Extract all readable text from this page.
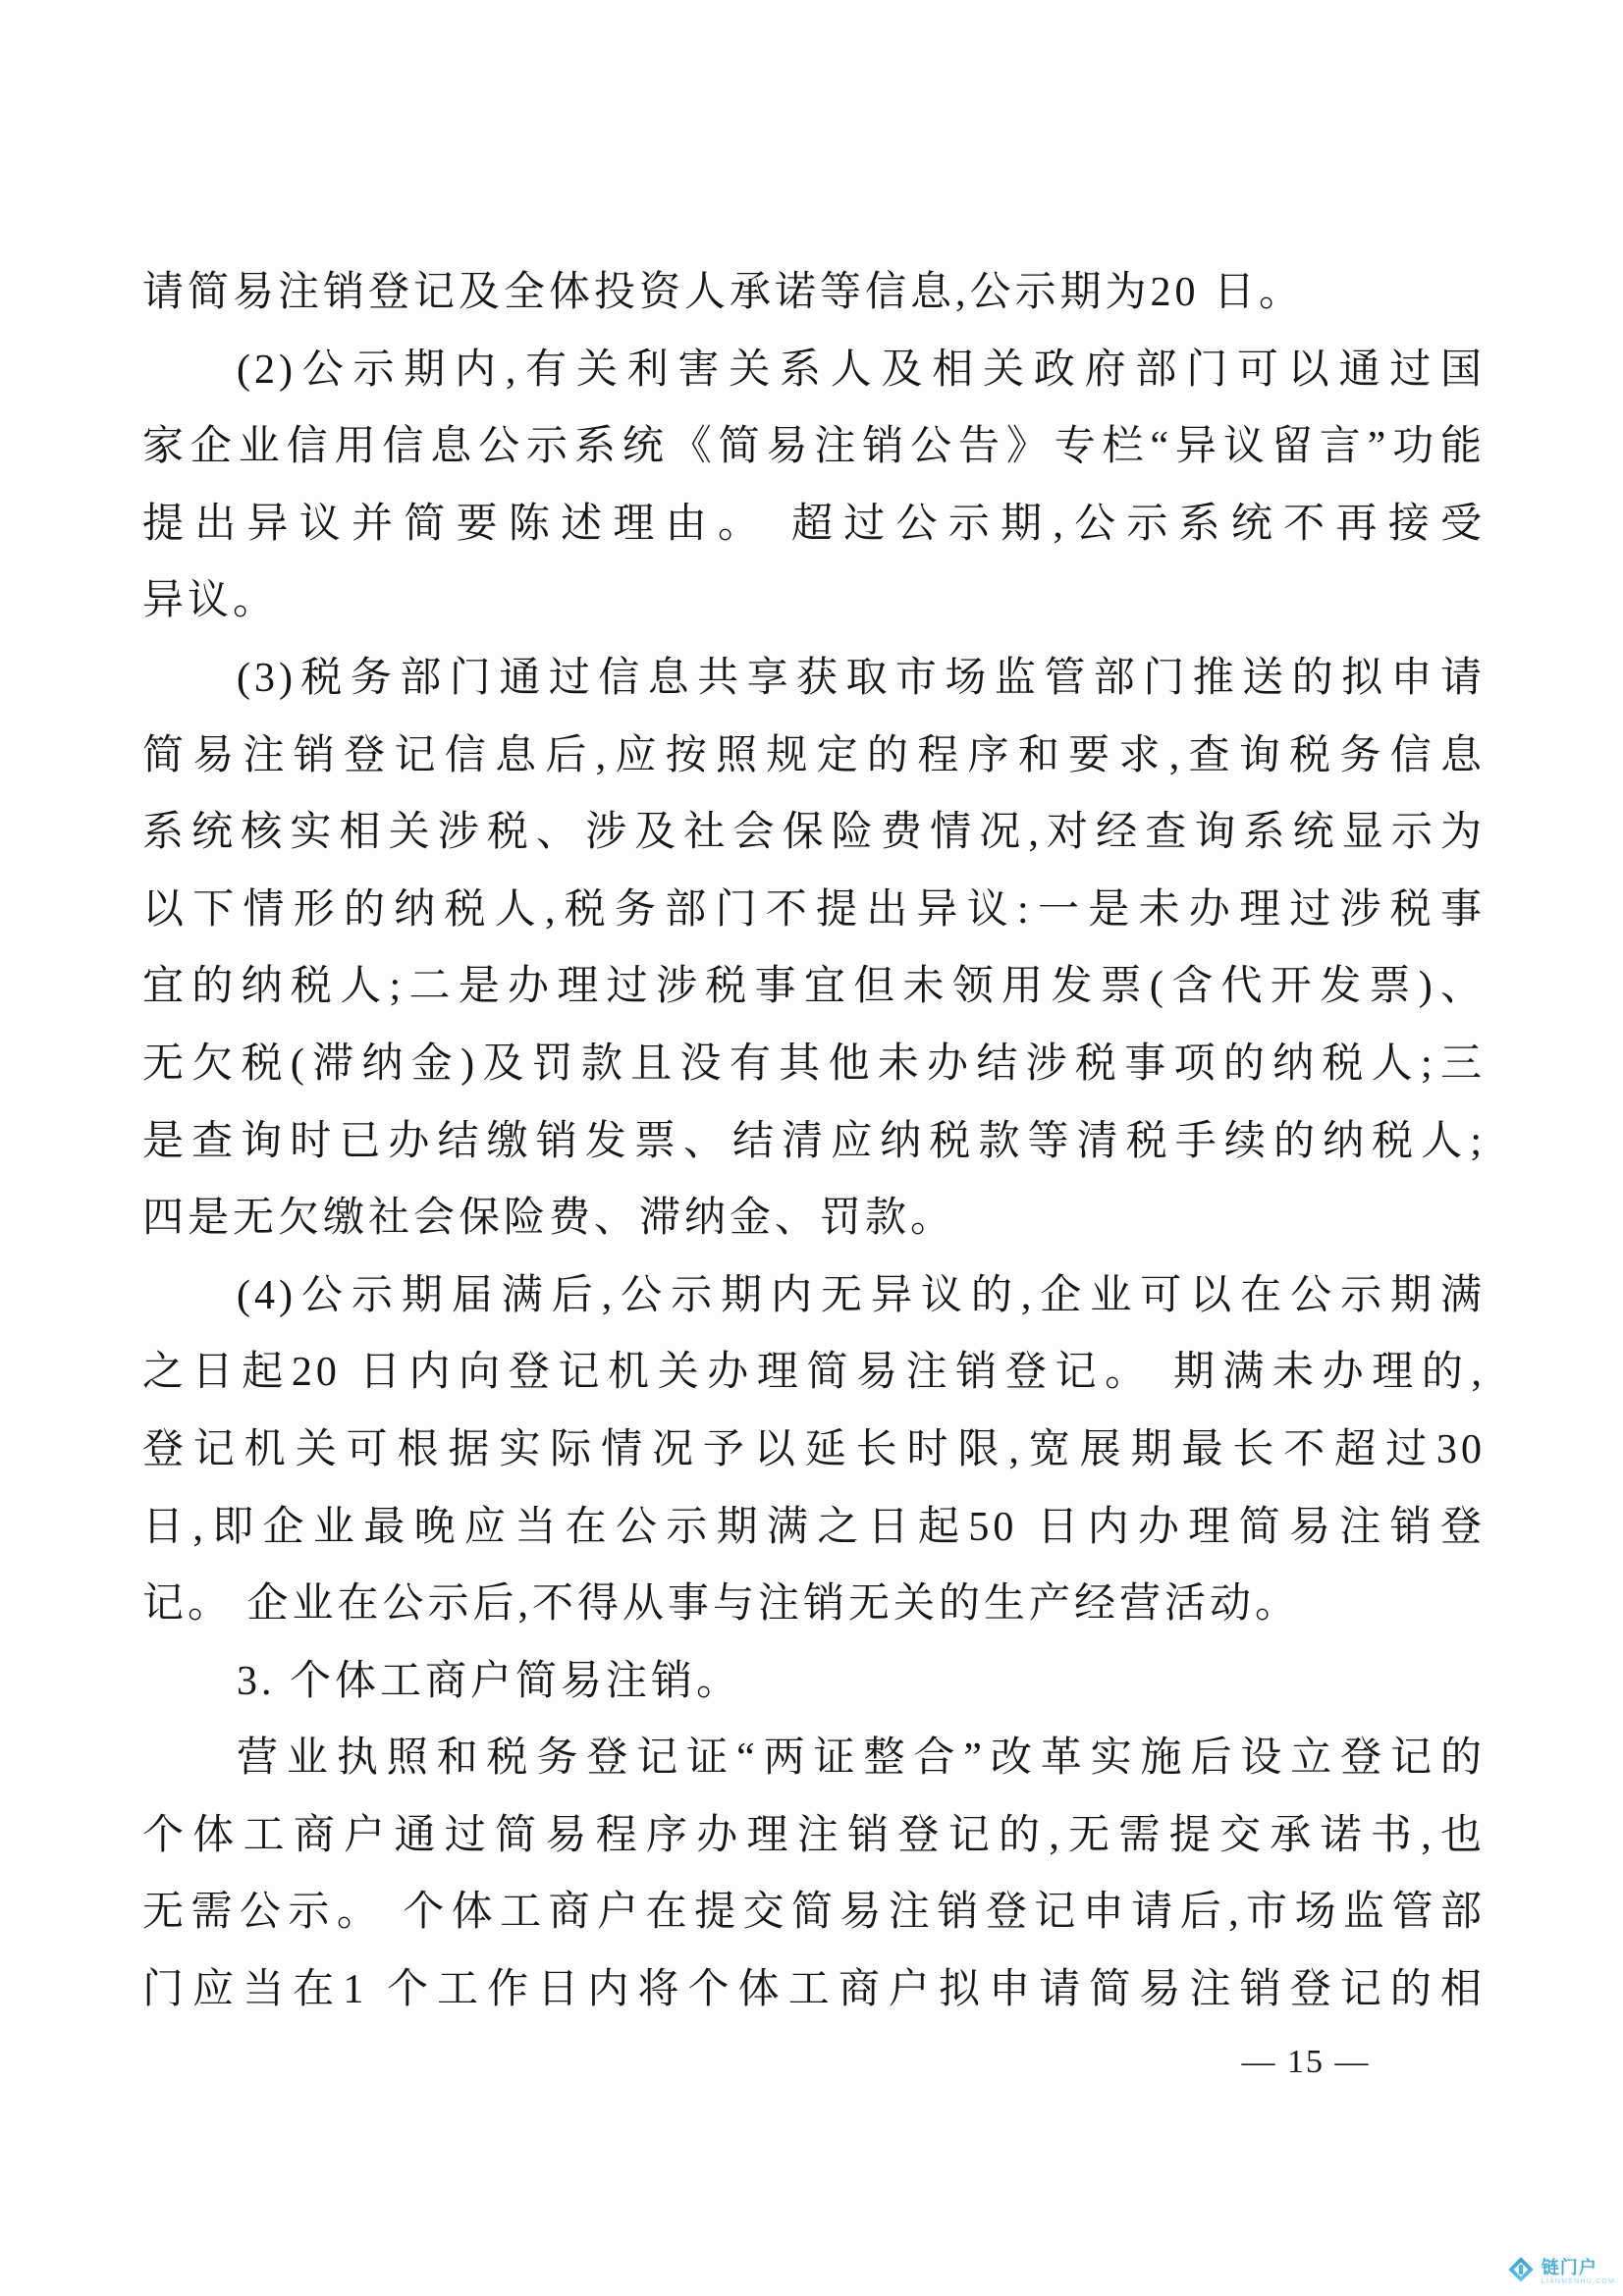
请简易注销登记及全体投资人承诺等信息,公示期为20 日。
(2)公示期内,有关利害关系人及相关政府部门可以通过国
家企业信用信息公示系统《简易注销公告》专栏“异议留言”功能
提出异议并简要陈述理由。 超过公示期,公示系统不再接受
异议。
(3)税务部门通过信息共享获取市场监管部门推送的拟申请
简易注销登记信息后,应按照规定的程序和要求,查询税务信息
系统核实相关涉税、涉及社会保险费情况,对经查询系统显示为
以下情形的纳税人,税务部门不提出异议:一是未办理过涉税事
宜的纳税人;二是办理过涉税事宜但未领用发票(含代开发票)、
无欠税(滞纳金)及罚款且没有其他未办结涉税事项的纳税人;三
是查询时已办结缴销发票、结清应纳税款等清税手续的纳税人;
四是无欠缴社会保险费、滞纳金、罚款。
(4)公示期届满后,公示期内无异议的,企业可以在公示期满
之日起20 日内向登记机关办理简易注销登记。 期满未办理的,
登记机关可根据实际情况予以延长时限,宽展期最长不超过30
日,即企业最晚应当在公示期满之日起50 日内办理简易注销登
记。 企业在公示后,不得从事与注销无关的生产经营活动。
3. 个体工商户简易注销。
营业执照和税务登记证“两证整合”改革实施后设立登记的
个体工商户通过简易程序办理注销登记的,无需提交承诺书,也
无需公示。 个体工商户在提交简易注销登记申请后,市场监管部
门应当在1 个工作日内将个体工商户拟申请简易注销登记的相
— 15 —
链门户
LIANMENHU.COM
